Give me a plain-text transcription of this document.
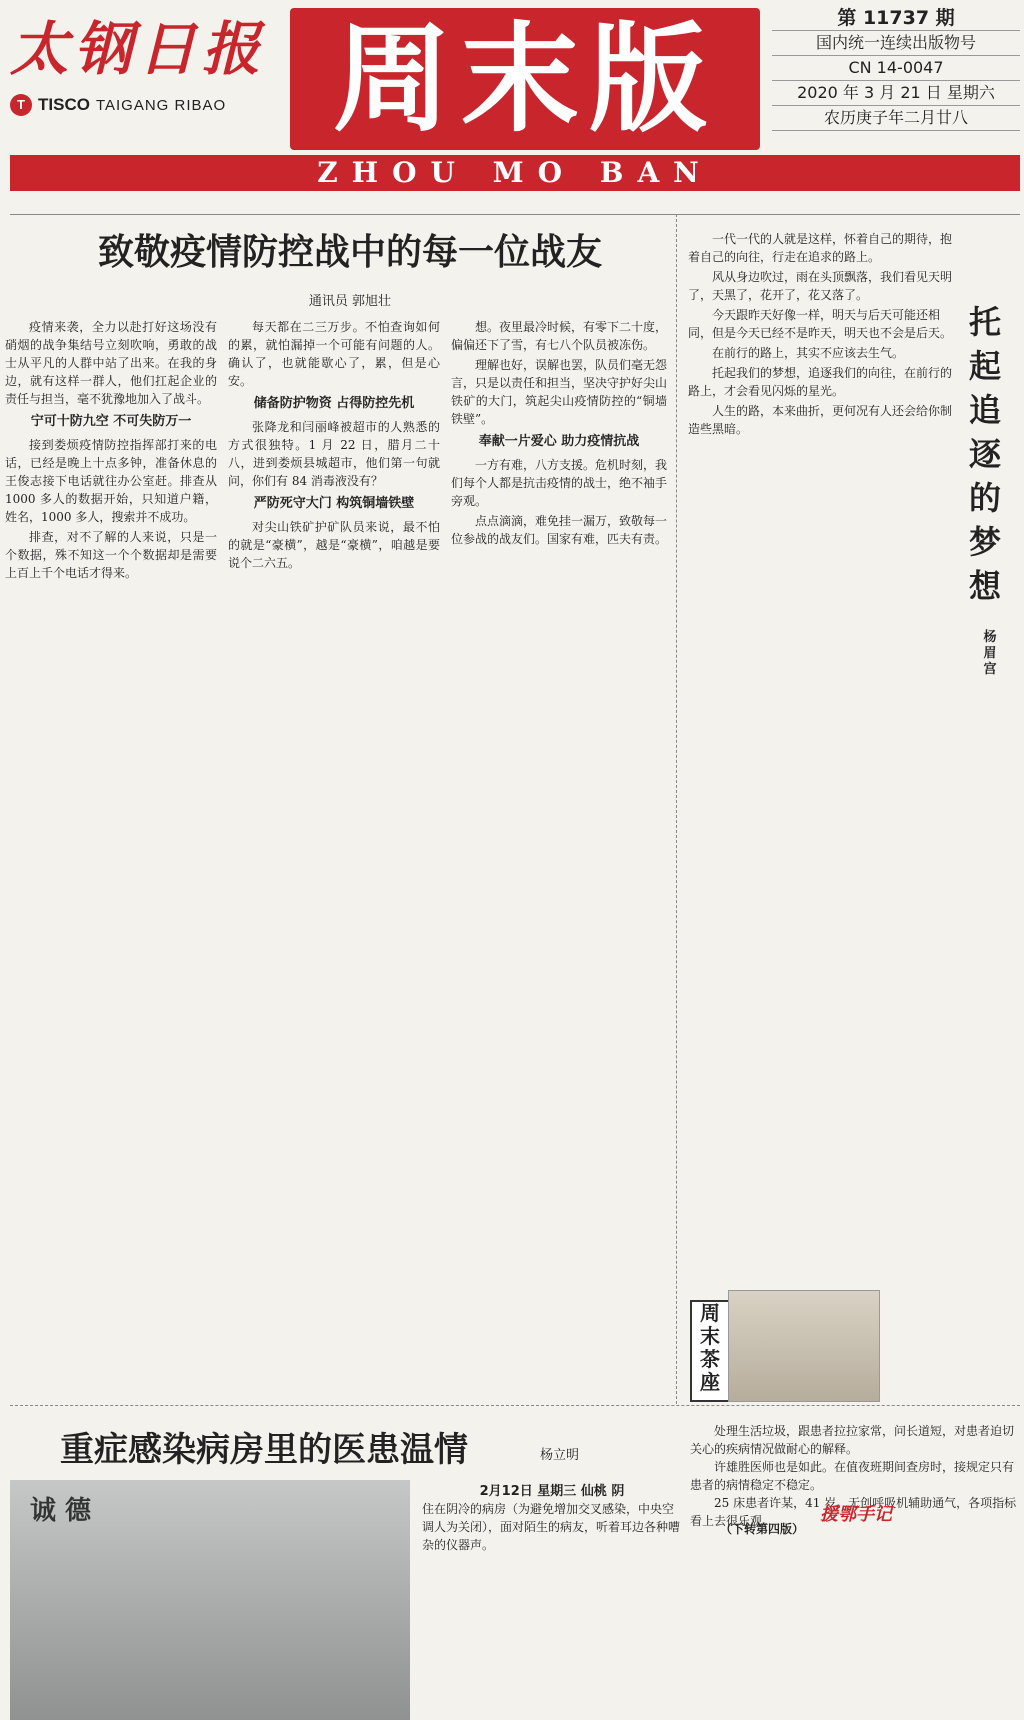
太钢日报
T TISCO TAIGANG RIBAO 周末版	第 11737 期
国内统一连续出版物号
CN 14-0047
2020 年 3 月 21 日 星期六
农历庚子年二月廿八
ZHOU MO BAN
致敬疫情防控战中的每一位战友
通讯员 郭旭壮

疫情来袭，全力以赴打好这场没有硝烟的战争集结号立刻吹响，勇敢的战士从平凡的人群中站了出来。在我的身边，就有这样一群人，他们扛起企业的责任与担当，毫不犹豫地加入了战斗。

宁可十防九空 不可失防万一

接到娄烦疫情防控指挥部打来的电话，已经是晚上十点多钟，准备休息的王俊志接下电话就往办公室赶。排查从 1000 多人的数据开始，只知道户籍，姓名，1000 多人，搜索并不成功。

排查，对不了解的人来说，只是一个数据，殊不知这一个个数据却是需要上百上千个电话才得来。

每天都在二三万步。不怕查询如何的累，就怕漏掉一个可能有问题的人。确认了，也就能歇心了，累，但是心安。

储备防护物资 占得防控先机

张降龙和闫丽峰被超市的人熟悉的方式很独特。1 月 22 日，腊月二十八，进到娄烦县城超市，他们第一句就问，你们有 84 消毒液没有？

严防死守大门 构筑铜墙铁壁

对尖山铁矿护矿队员来说，最不怕的就是“豪横”，越是“豪横”，咱越是要说个二六五。

想。夜里最冷时候，有零下二十度，偏偏还下了雪，有七八个队员被冻伤。

理解也好，误解也罢，队员们毫无怨言，只是以责任和担当，坚决守护好尖山铁矿的大门，筑起尖山疫情防控的“铜墙铁壁”。

奉献一片爱心 助力疫情抗战

一方有难，八方支援。危机时刻，我们每个人都是抗击疫情的战士，绝不袖手旁观。

点点滴滴，难免挂一漏万，致敬每一位参战的战友们。国家有难，匹夫有责。

一代一代的人就是这样，怀着自己的期待，抱着自己的向往，行走在追求的路上。

风从身边吹过，雨在头顶飘落，我们看见天明了，天黑了，花开了，花又落了。

今天跟昨天好像一样，明天与后天可能还相同，但是今天已经不是昨天，明天也不会是后天。

在前行的路上，其实不应该去生气。

托起我们的梦想，追逐我们的向往，在前行的路上，才会看见闪烁的星光。

人生的路，本来曲折，更何况有人还会给你制造些黑暗。

托起追逐的梦想
杨眉宫
周末茶座
重症感染病房里的医患温情	杨立明
诚 德
2月12日 星期三 仙桃 阴
住在阴冷的病房（为避免增加交叉感染，中央空调人为关闭），面对陌生的病友，听着耳边各种嘈杂的仪器声。

处理生活垃圾，跟患者拉拉家常，问长道短，对患者迫切关心的疾病情况做耐心的解释。

许雄胜医师也是如此。在值夜班期间查房时，接规定只有患者的病情稳定不稳定。

25 床患者许某，41 岁。无创呼吸机辅助通气，各项指标看上去很乐观。	援鄂手记
（下转第四版）
